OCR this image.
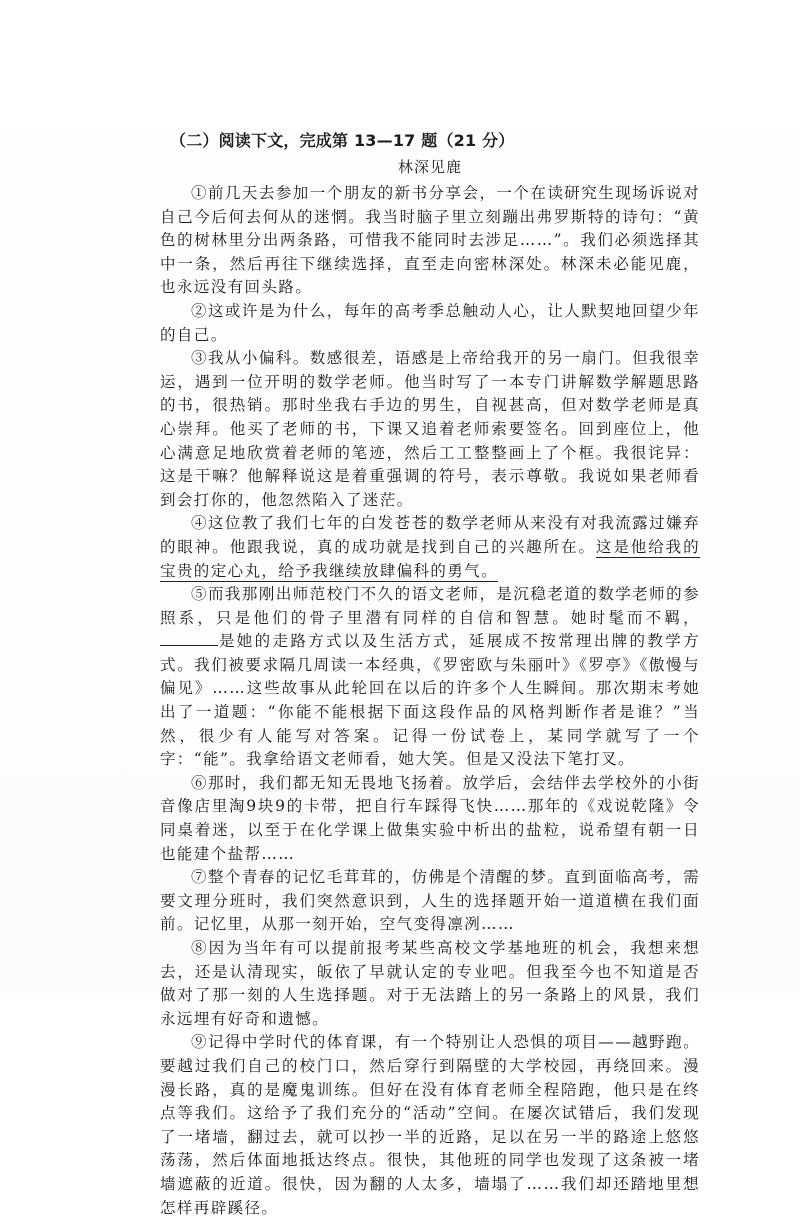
（二）阅读下文，完成第 13—17 题（21 分）
林深见鹿

①前几天去参加一个朋友的新书分享会，一个在读研究生现场诉说对自己今后何去何从的迷惘。我当时脑子里立刻蹦出弗罗斯特的诗句：“黄色的树林里分出两条路，可惜我不能同时去涉足……”。我们必须选择其中一条，然后再往下继续选择，直至走向密林深处。林深未必能见鹿，也永远没有回头路。

②这或许是为什么，每年的高考季总触动人心，让人默契地回望少年的自己。

③我从小偏科。数感很差，语感是上帝给我开的另一扇门。但我很幸运，遇到一位开明的数学老师。他当时写了一本专门讲解数学解题思路的书，很热销。那时坐我右手边的男生，自视甚高，但对数学老师是真心崇拜。他买了老师的书，下课又追着老师索要签名。回到座位上，他心满意足地欣赏着老师的笔迹，然后工工整整画上了个框。我很诧异：这是干嘛？他解释说这是着重强调的符号，表示尊敬。我说如果老师看到会打你的，他忽然陷入了迷茫。

④这位教了我们七年的白发苍苍的数学老师从来没有对我流露过嫌弃的眼神。他跟我说，真的成功就是找到自己的兴趣所在。这是他给我的宝贵的定心丸，给予我继续放肆偏科的勇气。

⑤而我那刚出师范校门不久的语文老师，是沉稳老道的数学老师的参照系，只是他们的骨子里潜有同样的自信和智慧。她时髦而不羁，是她的走路方式以及生活方式，延展成不按常理出牌的教学方式。我们被要求隔几周读一本经典，《罗密欧与朱丽叶》《罗亭》《傲慢与偏见》……这些故事从此轮回在以后的许多个人生瞬间。那次期末考她出了一道题：“你能不能根据下面这段作品的风格判断作者是谁？”当然，很少有人能写对答案。记得一份试卷上，某同学就写了一个字：“能”。我拿给语文老师看，她大笑。但是又没法下笔打叉。

⑥那时，我们都无知无畏地飞扬着。放学后，会结伴去学校外的小街音像店里淘9块9的卡带，把自行车踩得飞快……那年的《戏说乾隆》令同桌着迷，以至于在化学课上做集实验中析出的盐粒，说希望有朝一日也能建个盐帮……

⑦整个青春的记忆毛茸茸的，仿佛是个清醒的梦。直到面临高考，需要文理分班时，我们突然意识到，人生的选择题开始一道道横在我们面前。记忆里，从那一刻开始，空气变得凛冽……

⑧因为当年有可以提前报考某些高校文学基地班的机会，我想来想去，还是认清现实，皈依了早就认定的专业吧。但我至今也不知道是否做对了那一刻的人生选择题。对于无法踏上的另一条路上的风景，我们永远埋有好奇和遗憾。

⑨记得中学时代的体育课，有一个特别让人恐惧的项目——越野跑。要越过我们自己的校门口，然后穿行到隔壁的大学校园，再绕回来。漫漫长路，真的是魔鬼训练。但好在没有体育老师全程陪跑，他只是在终点等我们。这给予了我们充分的“活动”空间。在屡次试错后，我们发现了一堵墙，翻过去，就可以抄一半的近路，足以在另一半的路途上悠悠荡荡，然后体面地抵达终点。很快，其他班的同学也发现了这条被一堵墙遮蔽的近道。很快，因为翻的人太多，墙塌了……我们却还踏地里想怎样再辟蹊径。
